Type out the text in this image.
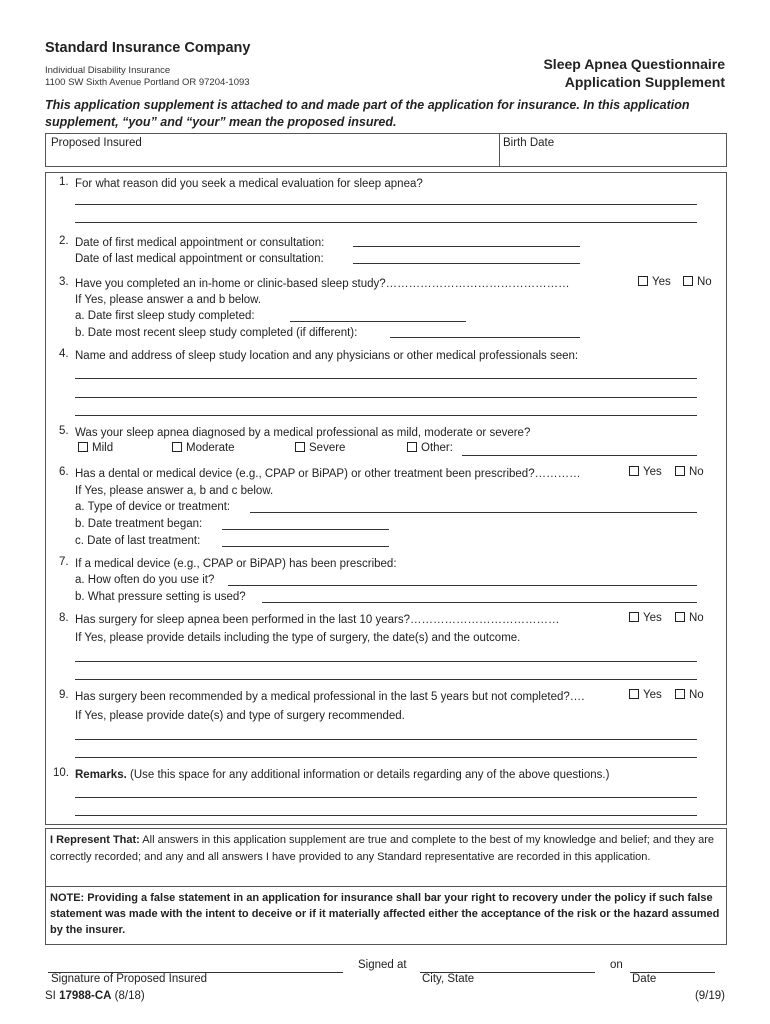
Standard Insurance Company
Individual Disability Insurance
1100 SW Sixth Avenue Portland OR 97204-1093
Sleep Apnea Questionnaire
Application Supplement
This application supplement is attached to and made part of the application for insurance. In this application supplement, “you” and “your” mean the proposed insured.
Proposed Insured	Birth Date
1. For what reason did you seek a medical evaluation for sleep apnea?
2. Date of first medical appointment or consultation:
Date of last medical appointment or consultation:
3. Have you completed an in-home or clinic-based sleep study?…………………………………………	Yes	No
If Yes, please answer a and b below.
a. Date first sleep study completed:
b. Date most recent sleep study completed (if different):
4. Name and address of sleep study location and any physicians or other medical professionals seen:
5. Was your sleep apnea diagnosed by a medical professional as mild, moderate or severe?
Mild	Moderate	Severe	Other:
6. Has a dental or medical device (e.g., CPAP or BiPAP) or other treatment been prescribed?…………	Yes	No
If Yes, please answer a, b and c below.
a. Type of device or treatment:
b. Date treatment began:
c. Date of last treatment:
7. If a medical device (e.g., CPAP or BiPAP) has been prescribed:
a. How often do you use it?
b. What pressure setting is used?
8. Has surgery for sleep apnea been performed in the last 10 years?…………………………………	Yes	No
If Yes, please provide details including the type of surgery, the date(s) and the outcome.
9. Has surgery been recommended by a medical professional in the last 5 years but not completed?….	Yes	No
If Yes, please provide date(s) and type of surgery recommended.
10. Remarks. (Use this space for any additional information or details regarding any of the above questions.)
I Represent That: All answers in this application supplement are true and complete to the best of my knowledge and belief; and they are correctly recorded; and any and all answers I have provided to any Standard representative are recorded in this application.
NOTE: Providing a false statement in an application for insurance shall bar your right to recovery under the policy if such false statement was made with the intent to deceive or if it materially affected either the acceptance of the risk or the hazard assumed by the insurer.
Signature of Proposed Insured
Signed at
City, State
on
Date
SI 17988-CA (8/18)	(9/19)
